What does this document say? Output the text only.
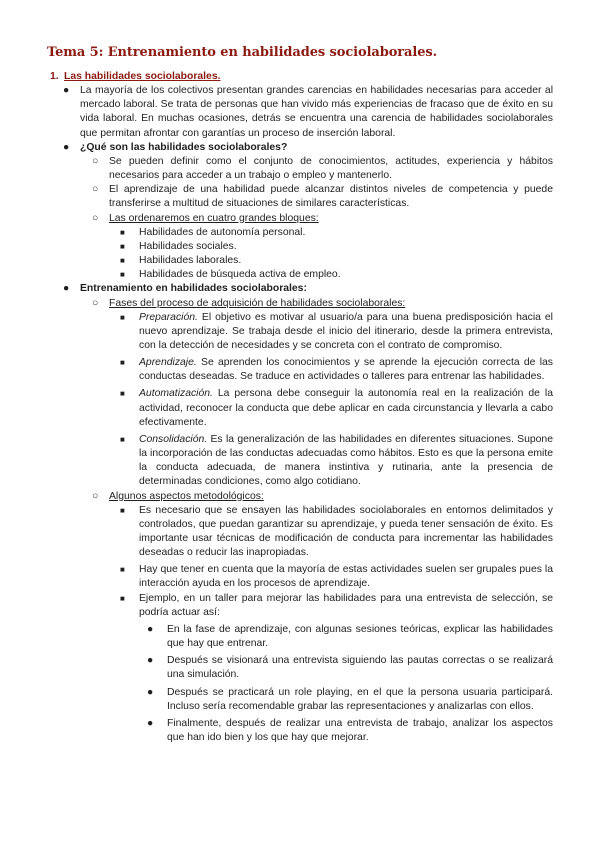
Tema 5: Entrenamiento en habilidades sociolaborales.
1. Las habilidades sociolaborales.
● La mayoría de los colectivos presentan grandes carencias en habilidades necesarias para acceder al mercado laboral. Se trata de personas que han vivido más experiencias de fracaso que de éxito en su vida laboral. En muchas ocasiones, detrás se encuentra una carencia de habilidades sociolaborales que permitan afrontar con garantías un proceso de inserción laboral.
● ¿Qué son las habilidades sociolaborales?
○ Se pueden definir como el conjunto de conocimientos, actitudes, experiencia y hábitos necesarios para acceder a un trabajo o empleo y mantenerlo.
○ El aprendizaje de una habilidad puede alcanzar distintos niveles de competencia y puede transferirse a multitud de situaciones de similares características.
○ Las ordenaremos en cuatro grandes bloques:
■ Habilidades de autonomía personal.
■ Habilidades sociales.
■ Habilidades laborales.
■ Habilidades de búsqueda activa de empleo.
● Entrenamiento en habilidades sociolaborales:
○ Fases del proceso de adquisición de habilidades sociolaborales:
■ Preparación. El objetivo es motivar al usuario/a para una buena predisposición hacia el nuevo aprendizaje. Se trabaja desde el inicio del itinerario, desde la primera entrevista, con la detección de necesidades y se concreta con el contrato de compromiso.
■ Aprendizaje. Se aprenden los conocimientos y se aprende la ejecución correcta de las conductas deseadas. Se traduce en actividades o talleres para entrenar las habilidades.
■ Automatización. La persona debe conseguir la autonomía real en la realización de la actividad, reconocer la conducta que debe aplicar en cada circunstancia y llevarla a cabo efectivamente.
■ Consolidación. Es la generalización de las habilidades en diferentes situaciones. Supone la incorporación de las conductas adecuadas como hábitos. Esto es que la persona emite la conducta adecuada, de manera instintiva y rutinaria, ante la presencia de determinadas condiciones, como algo cotidiano.
○ Algunos aspectos metodológicos:
■ Es necesario que se ensayen las habilidades sociolaborales en entornos delimitados y controlados, que puedan garantizar su aprendizaje, y pueda tener sensación de éxito. Es importante usar técnicas de modificación de conducta para incrementar las habilidades deseadas o reducir las inapropiadas.
■ Hay que tener en cuenta que la mayoría de estas actividades suelen ser grupales pues la interacción ayuda en los procesos de aprendizaje.
■ Ejemplo, en un taller para mejorar las habilidades para una entrevista de selección, se podría actuar así:
● En la fase de aprendizaje, con algunas sesiones teóricas, explicar las habilidades que hay que entrenar.
● Después se visionará una entrevista siguiendo las pautas correctas o se realizará una simulación.
● Después se practicará un role playing, en el que la persona usuaria participará. Incluso sería recomendable grabar las representaciones y analizarlas con ellos.
● Finalmente, después de realizar una entrevista de trabajo, analizar los aspectos que han ido bien y los que hay que mejorar.
